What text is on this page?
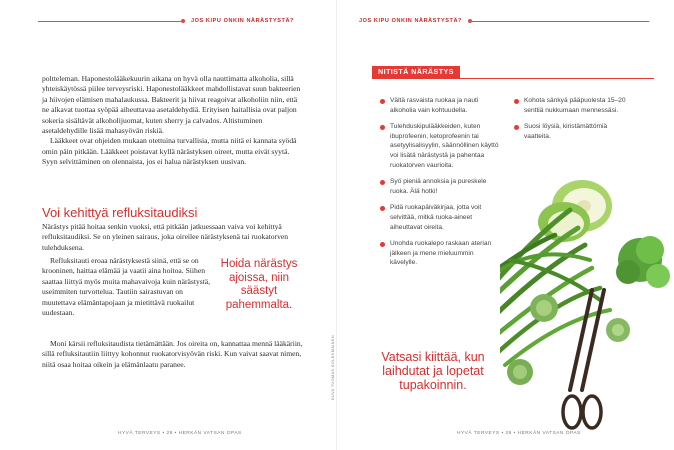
JOS KIPU ONKIN NÄRÄSTYSTÄ?

poltteleman. Haponestolääkekuurin aikana on hyvä olla nauttimatta alkoholia, sillä yhteiskäytössä piilee terveysriski. Haponestolääkkeet mahdollistavat suun bakteerien ja hiivojen elämisen mahalaukussa. Bakteerit ja hiivat reagoivat alkoholiin niin, että ne alkavat tuottaa syöpää aiheuttavaa asetaldehydiä. Erityisen haitallisia ovat paljon sokeria sisältävät alkoholijuomat, kuten sherry ja calvados. Altistuminen asetaldehydille lisää mahasyövän riskiä.

Lääkkeet ovat ohjeiden mukaan otettuina turvallisia, mutta niitä ei kannata syödä omin päin pitkään. Lääkkeet poistavat kyllä närästyksen oireet, mutta eivät syytä. Syyn selvittäminen on olennaista, jos ei halua närästyksen uusivan.

Voi kehittyä refluksitaudiksi

Närästys pitää hoitaa senkin vuoksi, että pitkään jatkuessaan vaiva voi kehittyä refluksitaudiksi. Se on yleinen sairaus, joka oireilee närästyksenä tai ruokatorven tulehduksena.

Refluksitauti eroaa närästyksestä siinä, että se on krooninen, haittaa elämää ja vaatii aina hoitoa. Siihen saattaa liittyä myös muita mahavaivoja kuin närästystä, useimmiten turvotteluа. Tautiin sairastuvan on muutettava elämäntapojaan ja mietittävä ruokailut uudestaan.

Hoida närästys ajoissa, niin säästyt pahemmalta.

Moni kärsii refluksitaudista tietämättään. Jos oireita on, kannattaa mennä lääkäriin, sillä refluksitautiin liittyy kohonnut ruokatorvisyövän riski. Kun vaivat saavat nimen, niitä osaa hoitaa oikein ja elämänlaatu paranee.

HYVÄ TERVEYS • 28 • HERKÄN VATSAN OPAS
KUVA TUOMAS KOLEHMAINEN
JOS KIPU ONKIN NÄRÄSTYSTÄ?
HYVÄ TERVEYS • 29 • HERKÄN VATSAN OPAS
NITISTÄ NÄRÄSTYS
Vältä rasvaista ruokaa ja nauti alkoholia vain kohtuudella.
Tulehduskipulääkkeiden, kuten ibuprofeenin, ketoprofeenin tai asetyylisalisyylin, säännöllinen käyttö voi lisätä närästystä ja pahentaa ruokatorven vaurioita.
Syö pieniä annoksia ja pureskele ruoka. Älä hotki!
Pidä ruokapäiväkirjaa, jotta voit selvittää, mitkä ruoka-aineet aiheuttavat oireita.
Unohda ruokalepo raskaan aterian jälkeen ja mene mieluummin kävelylle.
Kohota sänkyä pääpuolesta 15–20 senttiä nukkumaan mennessäsi.
Suosi löysiä, kiristämättömiä vaatteita.
Vatsasi kiittää, kun laihdutat ja lopetat tupakoinnin.
